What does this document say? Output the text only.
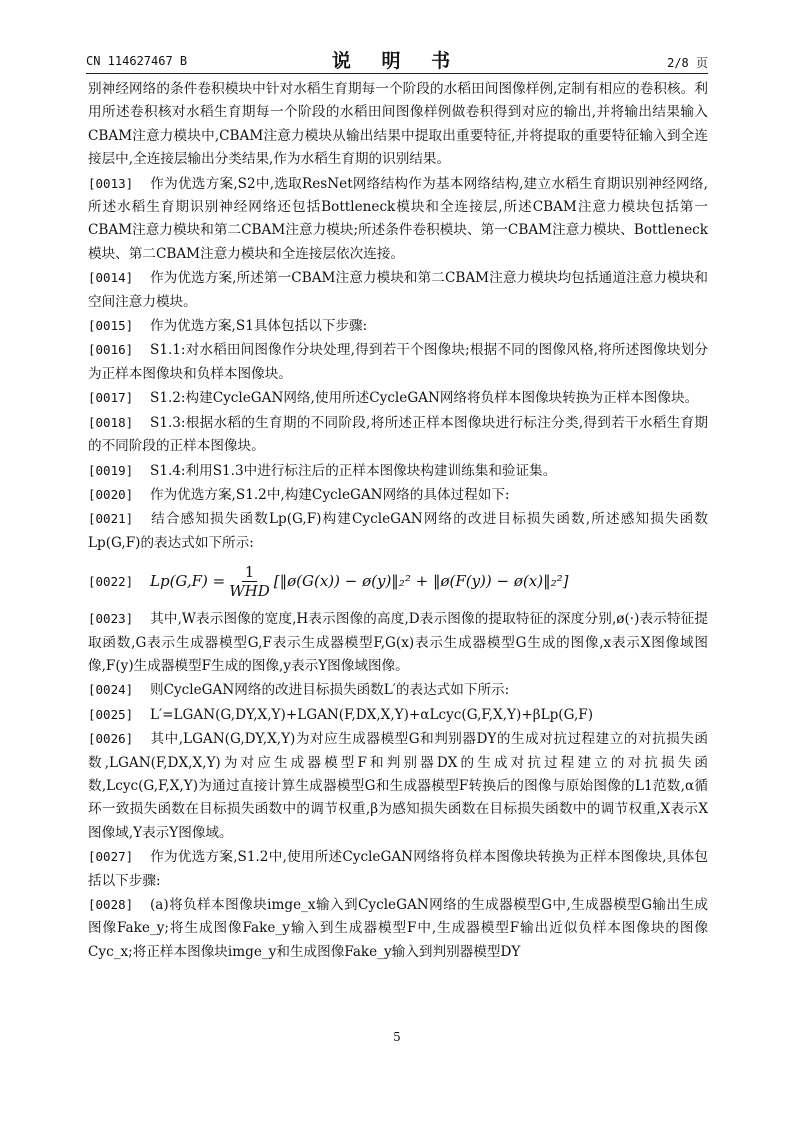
CN 114627467 B	说 明 书	2/8 页

别神经网络的条件卷积模块中针对水稻生育期每一个阶段的水稻田间图像样例,定制有相应的卷积核。利用所述卷积核对水稻生育期每一个阶段的水稻田间图像样例做卷积得到对应的输出,并将输出结果输入CBAM注意力模块中,CBAM注意力模块从输出结果中提取出重要特征,并将提取的重要特征输入到全连接层中,全连接层输出分类结果,作为水稻生育期的识别结果。

[0013] 作为优选方案,S2中,选取ResNet网络结构作为基本网络结构,建立水稻生育期识别神经网络,所述水稻生育期识别神经网络还包括Bottleneck模块和全连接层,所述CBAM注意力模块包括第一CBAM注意力模块和第二CBAM注意力模块;所述条件卷积模块、第一CBAM注意力模块、Bottleneck模块、第二CBAM注意力模块和全连接层依次连接。

[0014] 作为优选方案,所述第一CBAM注意力模块和第二CBAM注意力模块均包括通道注意力模块和空间注意力模块。

[0015] 作为优选方案,S1具体包括以下步骤:

[0016] S1.1:对水稻田间图像作分块处理,得到若干个图像块;根据不同的图像风格,将所述图像块划分为正样本图像块和负样本图像块。

[0017] S1.2:构建CycleGAN网络,使用所述CycleGAN网络将负样本图像块转换为正样本图像块。

[0018] S1.3:根据水稻的生育期的不同阶段,将所述正样本图像块进行标注分类,得到若干水稻生育期的不同阶段的正样本图像块。

[0019] S1.4:利用S1.3中进行标注后的正样本图像块构建训练集和验证集。

[0020] 作为优选方案,S1.2中,构建CycleGAN网络的具体过程如下:

[0021] 结合感知损失函数Lp(G,F)构建CycleGAN网络的改进目标损失函数,所述感知损失函数Lp(G,F)的表达式如下所示:

[0022]	$Lp(G,F) = \frac{1}{\text{WHD}}$ [‖ø(G(x)) − ø(y)‖₂² + ‖ø(F(y)) − ø(x)‖₂²]

[0023] 其中,W表示图像的宽度,H表示图像的高度,D表示图像的提取特征的深度分别,ø(·)表示特征提取函数,G表示生成器模型G,F表示生成器模型F,G(x)表示生成器模型G生成的图像,x表示X图像域图像,F(y)生成器模型F生成的图像,y表示Y图像域图像。

[0024] 则CycleGAN网络的改进目标损失函数L′的表达式如下所示:

[0025] L′=LGAN(G,DY,X,Y)+LGAN(F,DX,X,Y)+αLcyc(G,F,X,Y)+βLp(G,F)

[0026] 其中,LGAN(G,DY,X,Y)为对应生成器模型G和判别器DY的生成对抗过程建立的对抗损失函数,LGAN(F,DX,X,Y)为对应生成器模型F和判别器DX的生成对抗过程建立的对抗损失函数,Lcyc(G,F,X,Y)为通过直接计算生成器模型G和生成器模型F转换后的图像与原始图像的L1范数,α循环一致损失函数在目标损失函数中的调节权重,β为感知损失函数在目标损失函数中的调节权重,X表示X图像域,Y表示Y图像域。

[0027] 作为优选方案,S1.2中,使用所述CycleGAN网络将负样本图像块转换为正样本图像块,具体包括以下步骤:

[0028] (a)将负样本图像块imge_x输入到CycleGAN网络的生成器模型G中,生成器模型G输出生成图像Fake_y;将生成图像Fake_y输入到生成器模型F中,生成器模型F输出近似负样本图像块的图像Cyc_x;将正样本图像块imge_y和生成图像Fake_y输入到判别器模型DY

5
